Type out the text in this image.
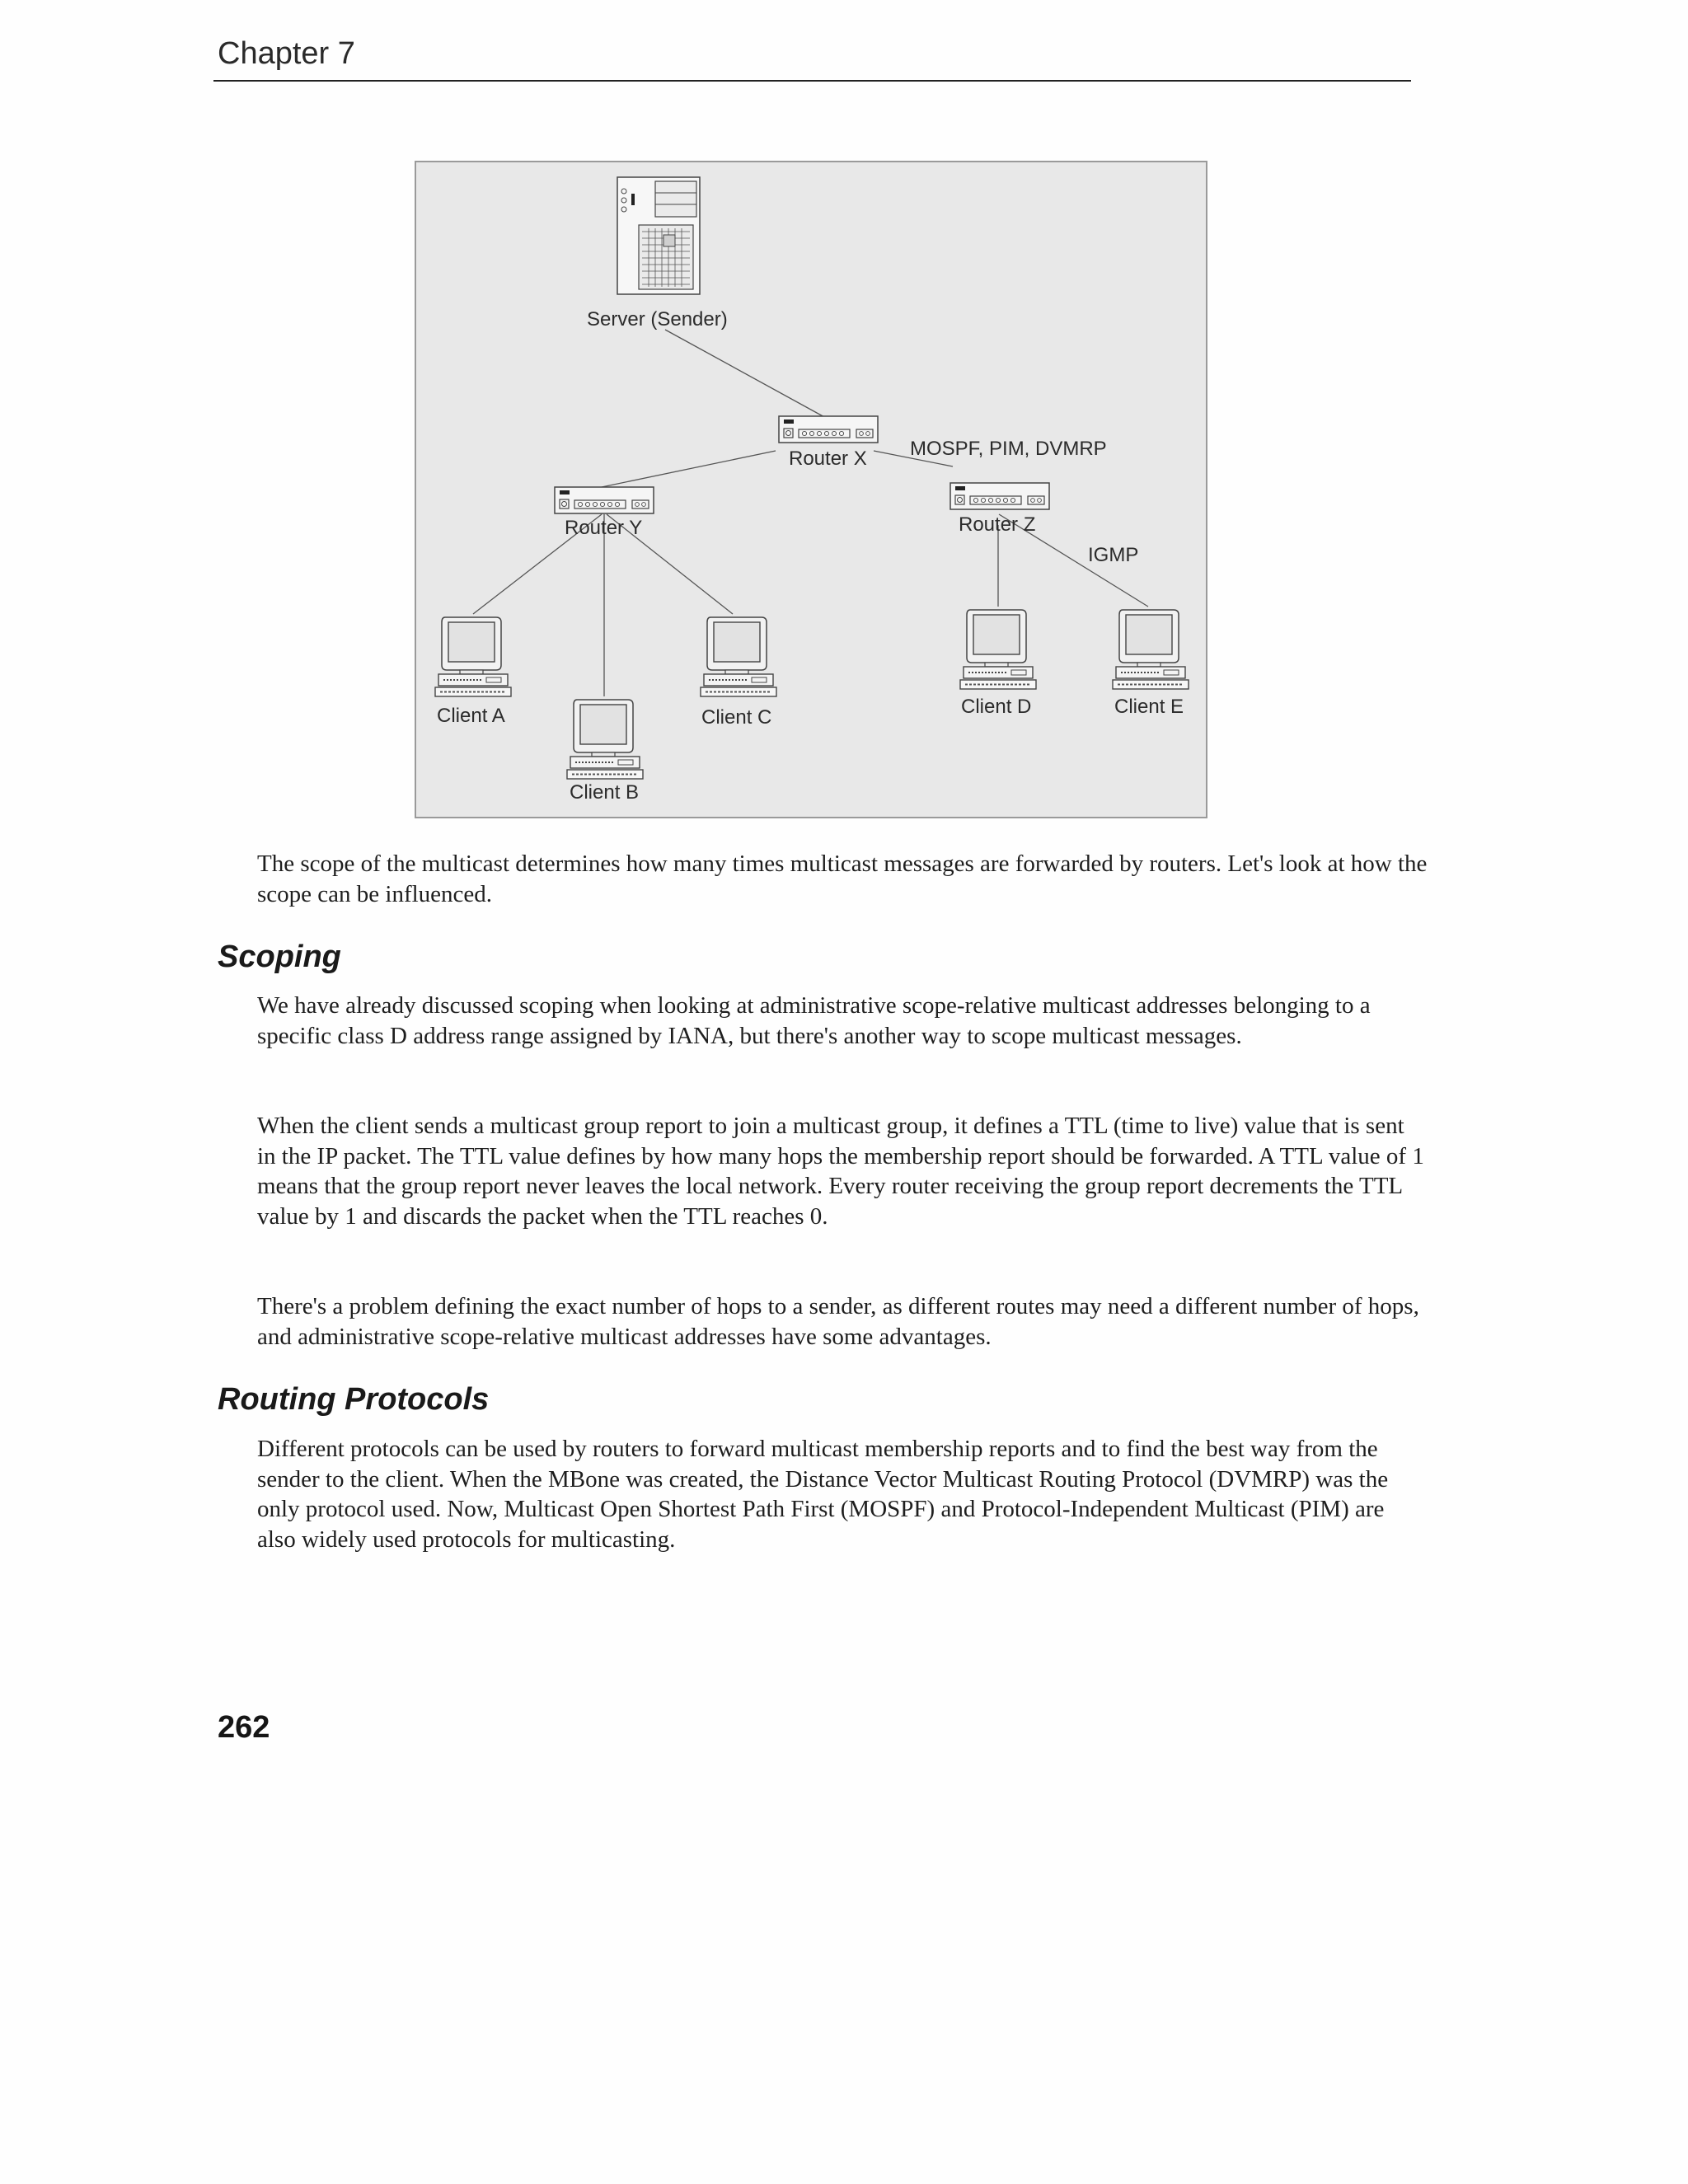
Chapter 7
Server (Sender)
Router X MOSPF, PIM, DVMRP
Router Y	Router Z
IGMP
Client A
Client B
Client C	Client D	Client E

The scope of the multicast determines how many times multicast messages are forwarded by routers. Let's look at how the scope can be influenced.

Scoping

We have already discussed scoping when looking at administrative scope-relative multicast addresses belonging to a specific class D address range assigned by IANA, but there's another way to scope multicast messages.

When the client sends a multicast group report to join a multicast group, it defines a TTL (time to live) value that is sent in the IP packet. The TTL value defines by how many hops the membership report should be forwarded. A TTL value of 1 means that the group report never leaves the local network. Every router receiving the group report decrements the TTL value by 1 and discards the packet when the TTL reaches 0.

There's a problem defining the exact number of hops to a sender, as different routes may need a different number of hops, and administrative scope-relative multicast addresses have some advantages.

Routing Protocols

Different protocols can be used by routers to forward multicast membership reports and to find the best way from the sender to the client. When the MBone was created, the Distance Vector Multicast Routing Protocol (DVMRP) was the only protocol used. Now, Multicast Open Shortest Path First (MOSPF) and Protocol-Independent Multicast (PIM) are also widely used protocols for multicasting.

262
